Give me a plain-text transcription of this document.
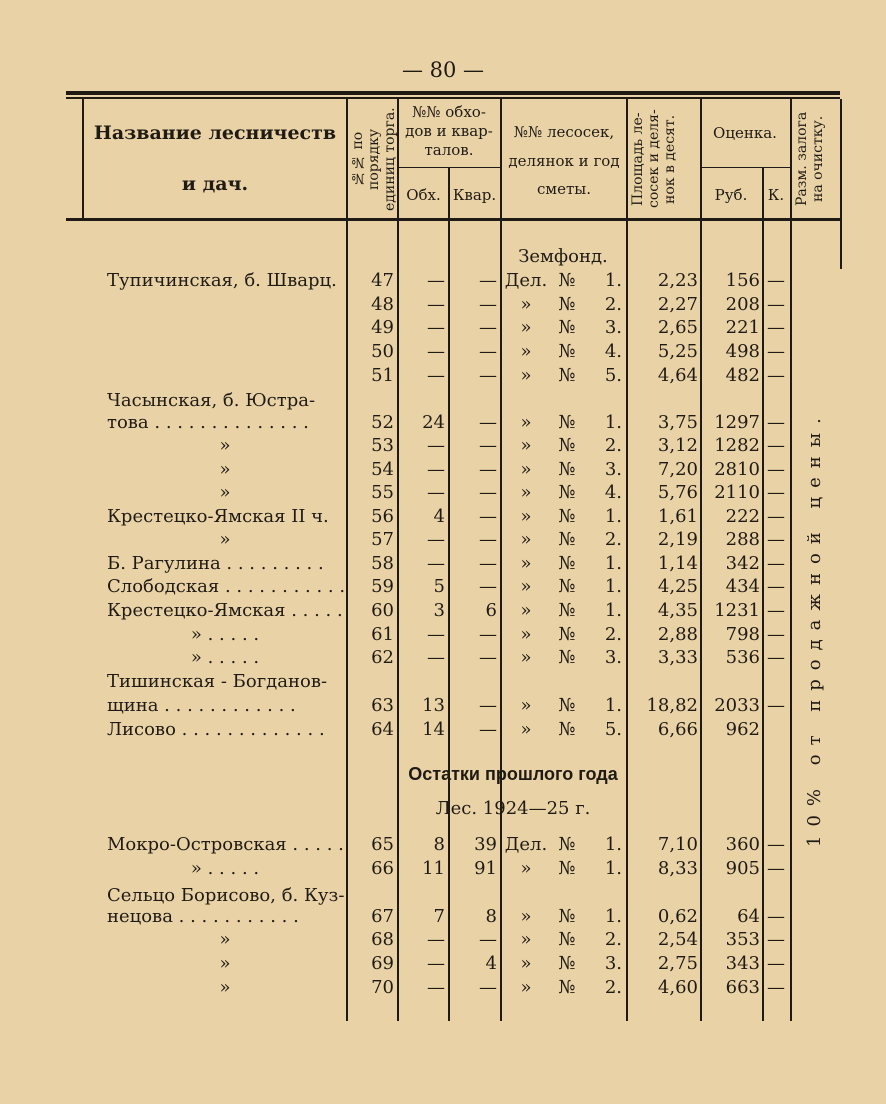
— 80 —
Название лесничеств
и дач.	№№ по порядку единиц торга. №№ обхо-дов и квар-талов.
Обх. Квар.
№№ лесосек, делянок и год сметы.	Площадь ле-сосек и деля-нок в десят.	Оценка.
Руб.	К. Разм. залога на очистку.
Земфонд.
Остатки прошлого года
Лес. 1924—25 г.	10% от продажной цены.
Тупичинская, б. Шварц.	47	—	— Дел. №	1.	2,23	156 —
48	—	—	»	№	2.	2,27	208 —
49	—	—	»	№	3.	2,65	221 —
50	—	—	»	№	4.	5,25	498 —
51	—	—	»	№	5.	4,64	482 —
Часынская, б. Юстра-
това . . . . . . . . . . . . . .	52	24	—	»	№	1.	3,75 1297 —
»	53	—	—	»	№	2.	3,12 1282 —
»	54	—	—	»	№	3.	7,20 2810 —
»	55	—	—	»	№	4.	5,76 2110 —
Крестецко-Ямская II ч.	56	4	—	»	№	1.	1,61	222 —
»	57	—	—	»	№	2.	2,19	288 —
Б. Рагулина . . . . . . . . .	58	—	—	»	№	1.	1,14	342 —
Слободская . . . . . . . . . . .	59	5	—	»	№	1.	4,25	434 —
Крестецко-Ямская . . . . .	60	3	6	»	№	1.	4,35 1231 —
» . . . . .	61	—	—	»	№	2.	2,88	798 —
» . . . . .	62	—	—	»	№	3.	3,33	536 —
Тишинская - Богданов-
щина . . . . . . . . . . . .	63	13	—	»	№	1.	18,82 2033 —
Лисово . . . . . . . . . . . . .	64	14	—	»	№	5.	6,66	962
Мокро-Островская . . . . .	65	8	39 Дел. №	1.	7,10	360 —
» . . . . .	66	11	91	»	№	1.	8,33	905 —
Сельцо Борисово, б. Куз-
нецова . . . . . . . . . . .	67	7	8	»	№	1.	0,62	64 —
»	68	—	—	»	№	2.	2,54	353 —
»	69	—	4	»	№	3.	2,75	343 —
»	70	—	—	»	№	2.	4,60	663 —
